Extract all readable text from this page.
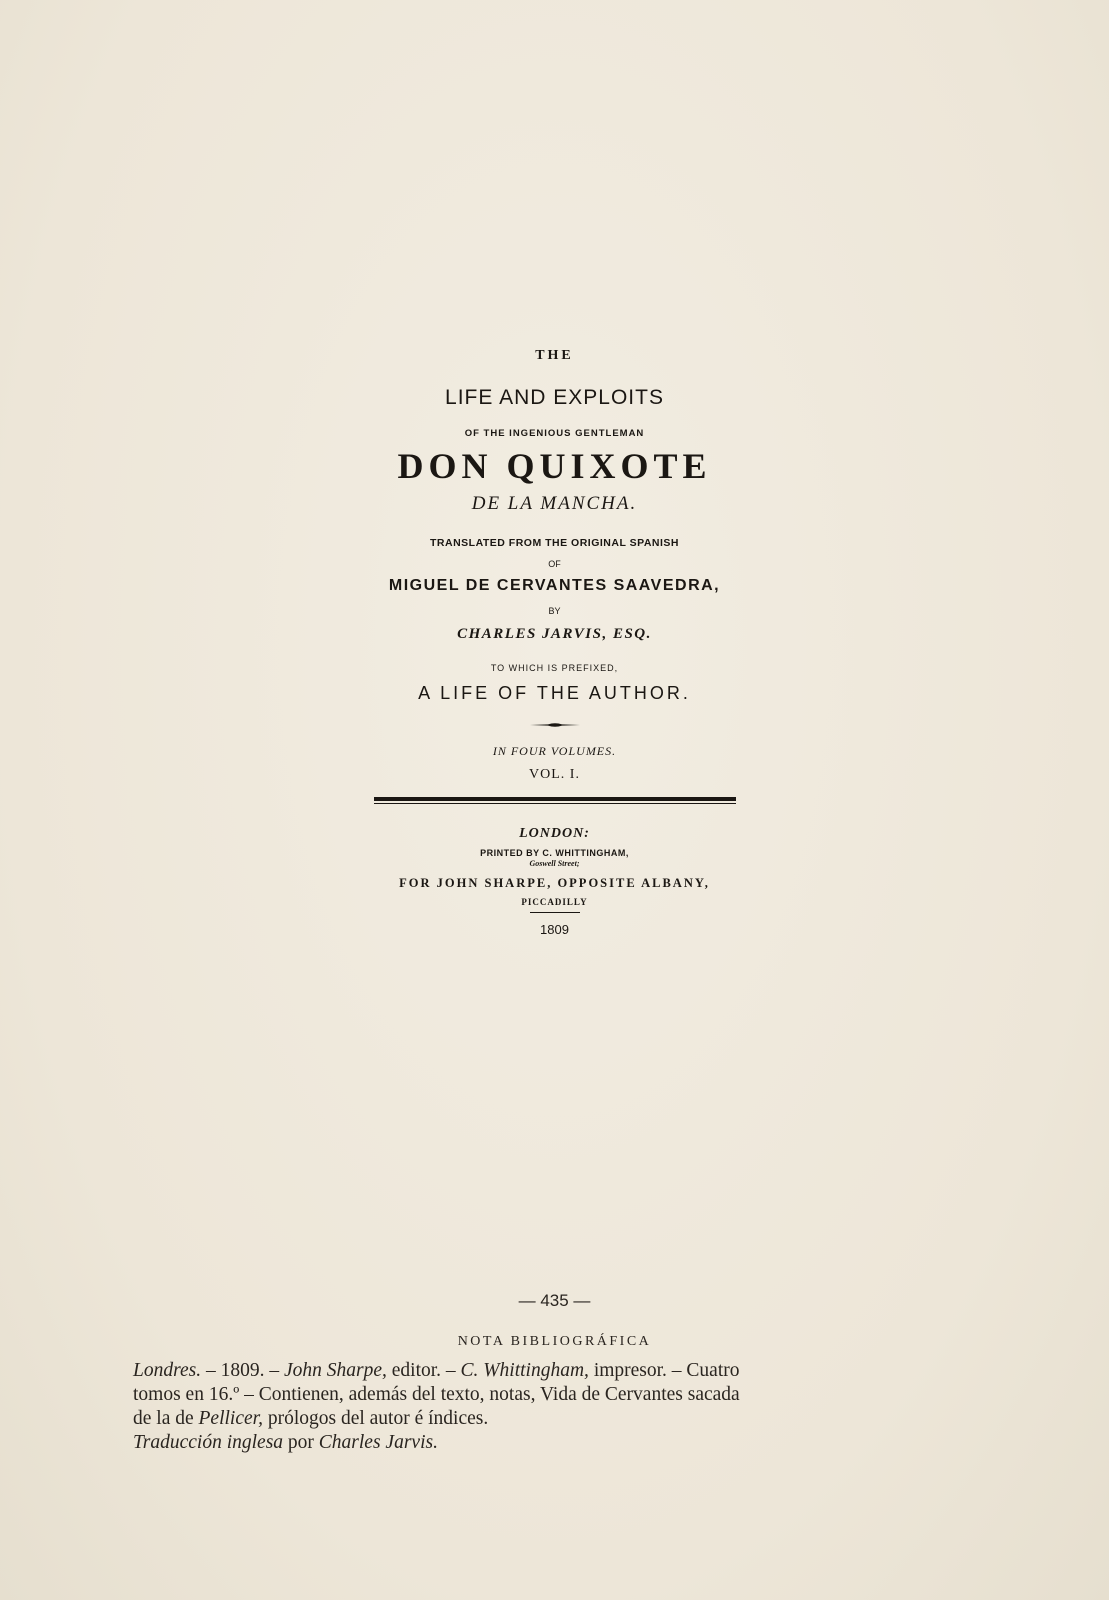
THE
LIFE AND EXPLOITS
OF THE INGENIOUS GENTLEMAN
DON QUIXOTE
DE LA MANCHA.
TRANSLATED FROM THE ORIGINAL SPANISH
OF
MIGUEL DE CERVANTES SAAVEDRA,
BY
CHARLES JARVIS, ESQ.
TO WHICH IS PREFIXED,
A LIFE OF THE AUTHOR.
IN FOUR VOLUMES.
VOL. I.
LONDON:
PRINTED BY C. WHITTINGHAM,
Goswell Street;
FOR JOHN SHARPE, OPPOSITE ALBANY,
PICCADILLY
1809
— 435 —
NOTA BIBLIOGRÁFICA
Londres. – 1809. – John Sharpe, editor. – C. Whittingham, impresor. – Cuatro
tomos en 16.º – Contienen, además del texto, notas, Vida de Cervantes sacada
de la de Pellicer, prólogos del autor é índices.
Traducción inglesa por Charles Jarvis.
